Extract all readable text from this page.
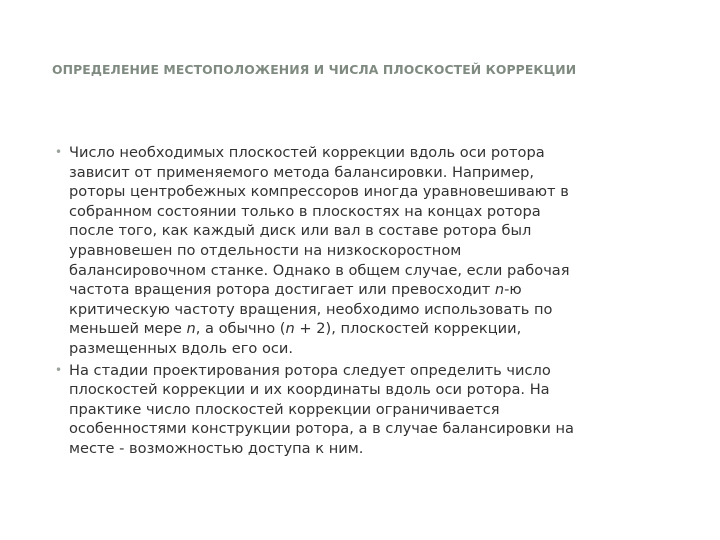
ОПРЕДЕЛЕНИЕ МЕСТОПОЛОЖЕНИЯ И ЧИСЛА ПЛОСКОСТЕЙ КОРРЕКЦИИ
• Число необходимых плоскостей коррекции вдоль оси ротора
зависит от применяемого метода балансировки. Например,
роторы центробежных компрессоров иногда уравновешивают в
собранном состоянии только в плоскостях на концах ротора
после того, как каждый диск или вал в составе ротора был
уравновешен по отдельности на низкоскоростном
балансировочном станке. Однако в общем случае, если рабочая
частота вращения ротора достигает или превосходит n-ю
критическую частоту вращения, необходимо использовать по
меньшей мере n, а обычно (n + 2), плоскостей коррекции,
размещенных вдоль его оси.
• На стадии проектирования ротора следует определить число
плоскостей коррекции и их координаты вдоль оси ротора. На
практике число плоскостей коррекции ограничивается
особенностями конструкции ротора, а в случае балансировки на
месте - возможностью доступа к ним.
